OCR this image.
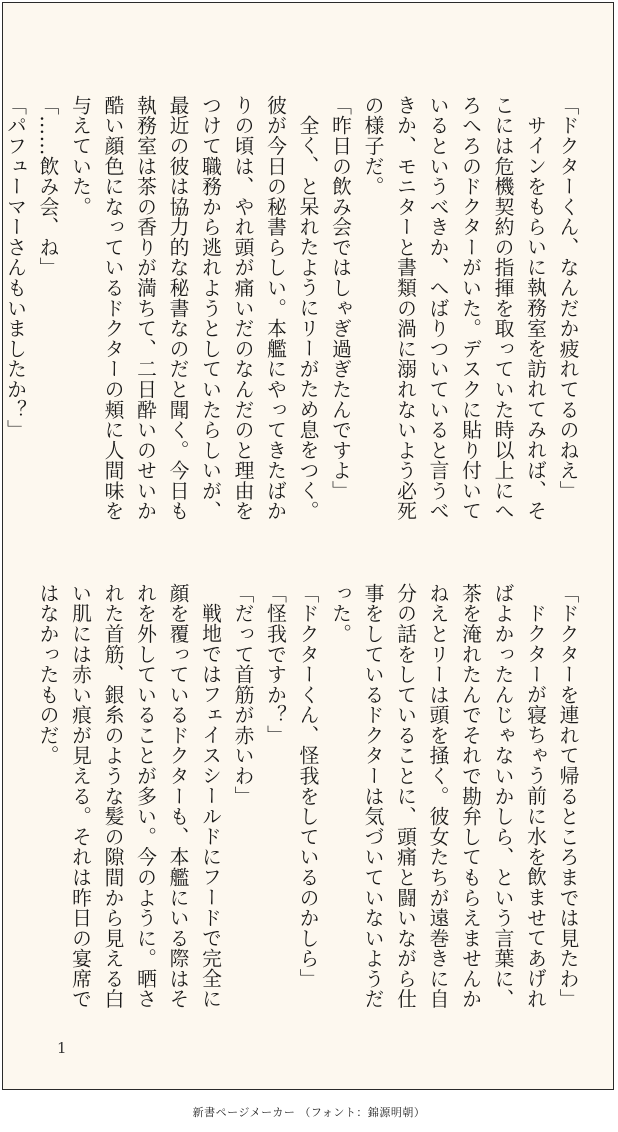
「ドクターくん、なんだか疲れてるのねえ」

サインをもらいに執務室を訪れてみれば、そこには危機契約の指揮を取っていた時以上にへろへろのドクターがいた。デスクに貼り付いているというべきか、へばりついていると言うべきか、モニターと書類の渦に溺れないよう必死の様子だ。

「昨日の飲み会ではしゃぎ過ぎたんですよ」

全く、と呆れたようにリーがため息をつく。彼が今日の秘書らしい。本艦にやってきたばかりの頃は、やれ頭が痛いだのなんだのと理由をつけて職務から逃れようとしていたらしいが、最近の彼は協力的な秘書なのだと聞く。今日も執務室は茶の香りが満ちて、二日酔いのせいか酷い顔色になっているドクターの頬に人間味を与えていた。

「……飲み会、ね」

「パフューマーさんもいましたか？」

「ドクターを連れて帰るところまでは見たわ」

ドクターが寝ちゃう前に水を飲ませてあげればよかったんじゃないかしら、という言葉に、茶を淹れたんでそれで勘弁してもらえませんかねえとリーは頭を掻く。彼女たちが遠巻きに自分の話をしていることに、頭痛と闘いながら仕事をしているドクターは気づいていないようだった。

「ドクターくん、怪我をしているのかしら」

「怪我ですか？」

「だって首筋が赤いわ」

戦地ではフェイスシールドにフードで完全に顔を覆っているドクターも、本艦にいる際はそれを外していることが多い。今のように。晒された首筋、銀糸のような髪の隙間から見える白い肌には赤い痕が見える。それは昨日の宴席ではなかったものだ。

1
新書ページメーカー （フォント：錦源明朝）
